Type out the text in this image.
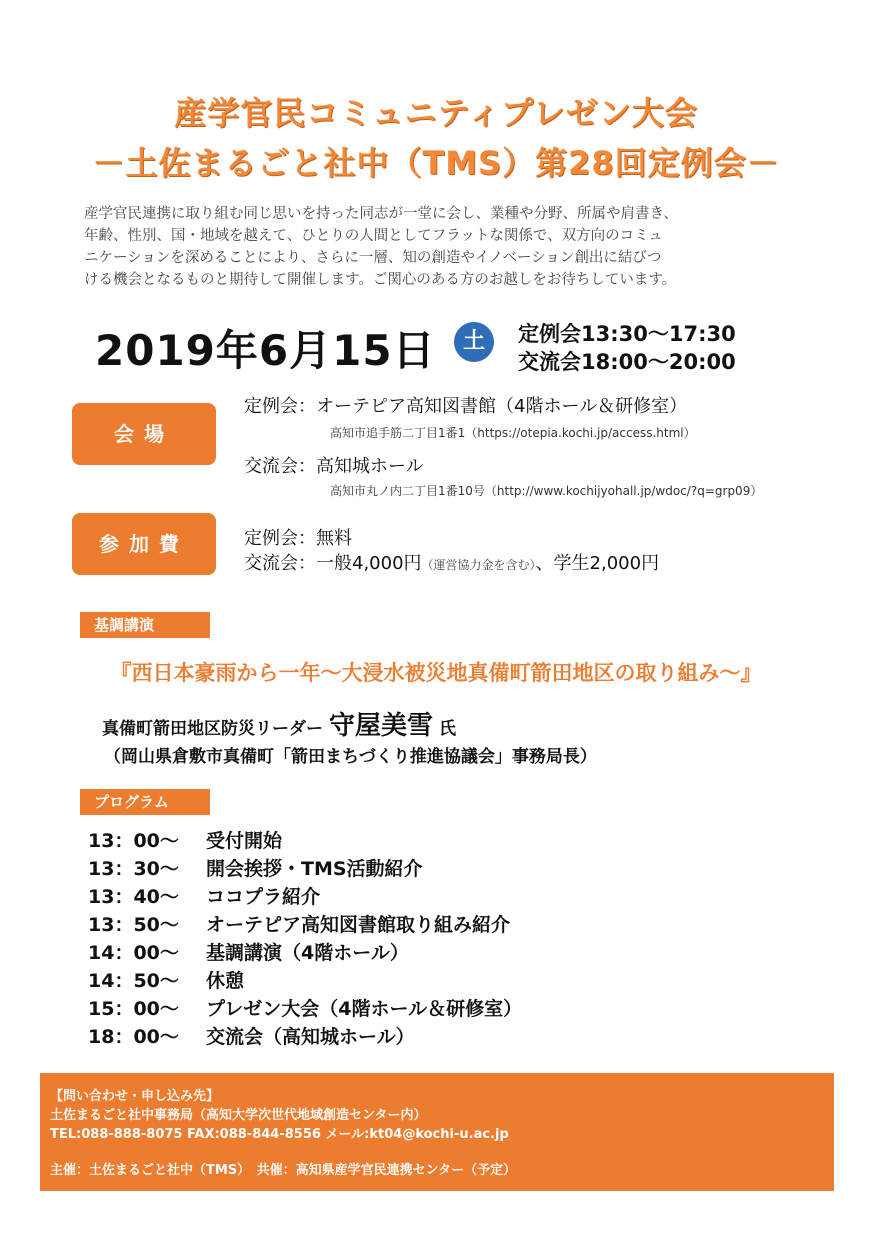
産学官民コミュニティプレゼン大会
－土佐まるごと社中（TMS）第28回定例会－
産学官民連携に取り組む同じ思いを持った同志が一堂に会し、業種や分野、所属や肩書き、
年齢、性別、国・地域を越えて、ひとりの人間としてフラットな関係で、双方向のコミュ
ニケーションを深めることにより、さらに一層、知の創造やイノベーション創出に結びつ
ける機会となるものと期待して開催します。ご関心のある方のお越しをお待ちしています。
2019年6月15日	土	定例会13:30～17:30
交流会18:00～20:00
会場
定例会：オーテピア高知図書館（4階ホール＆研修室）
高知市追手筋二丁目1番1（https://otepia.kochi.jp/access.html）
交流会：高知城ホール
高知市丸ノ内二丁目1番10号（http://www.kochijyohall.jp/wdoc/?q=grp09）
参加費	定例会：無料
交流会：一般4,000円（運営協力金を含む）、学生2,000円
基調講演
『西日本豪雨から一年～大浸水被災地真備町箭田地区の取り組み～』
真備町箭田地区防災リーダー 守屋美雪 氏
（岡山県倉敷市真備町「箭田まちづくり推進協議会」事務局長）
プログラム
13：00～ 受付開始
13：30～ 開会挨拶・TMS活動紹介
13：40～ ココプラ紹介
13：50～ オーテピア高知図書館取り組み紹介
14：00～ 基調講演（4階ホール）
14：50～ 休憩
15：00～ プレゼン大会（4階ホール＆研修室）
18：00～ 交流会（高知城ホール）
【問い合わせ・申し込み先】
土佐まるごと社中事務局（高知大学次世代地域創造センター内）
TEL:088-888-8075 FAX:088-844-8556 メール:kt04@kochi-u.ac.jp
主催：土佐まるごと社中（TMS）　共催：高知県産学官民連携センター（予定）
